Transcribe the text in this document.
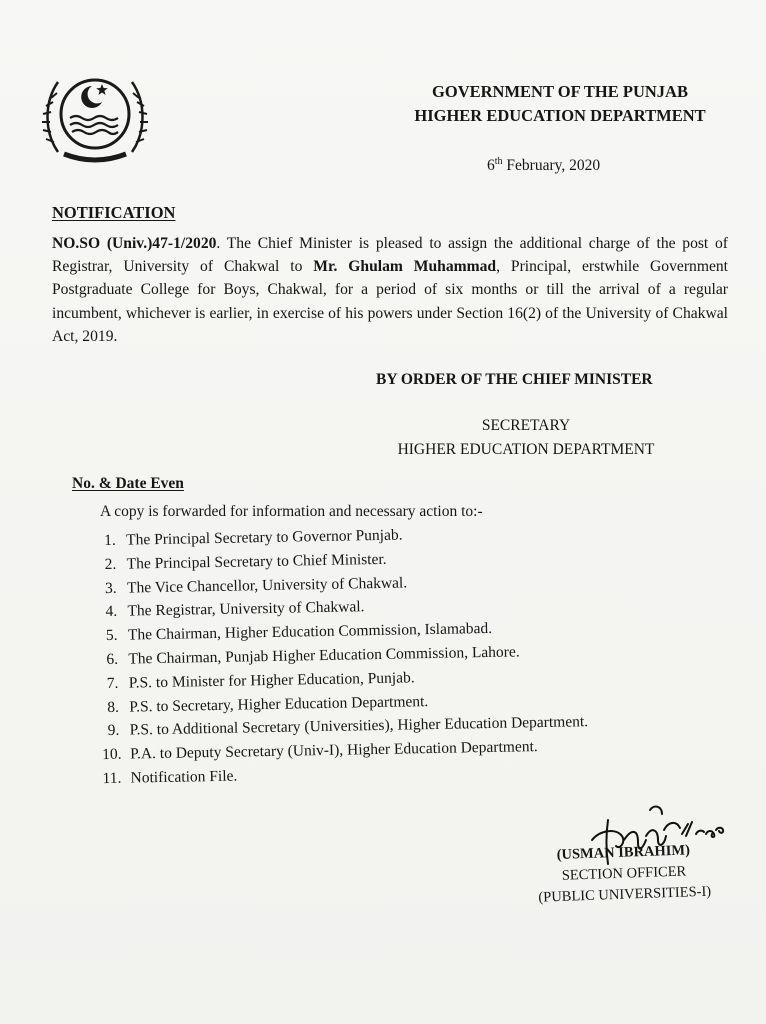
GOVERNMENT OF THE PUNJAB
HIGHER EDUCATION DEPARTMENT
6th February, 2020
NOTIFICATION
NO.SO (Univ.)47-1/2020. The Chief Minister is pleased to assign the additional charge of the post of Registrar, University of Chakwal to Mr. Ghulam Muhammad, Principal, erstwhile Government Postgraduate College for Boys, Chakwal, for a period of six months or till the arrival of a regular incumbent, whichever is earlier, in exercise of his powers under Section 16(2) of the University of Chakwal Act, 2019.
BY ORDER OF THE CHIEF MINISTER
SECRETARY
HIGHER EDUCATION DEPARTMENT
No. & Date Even
A copy is forwarded for information and necessary action to:-
1. The Principal Secretary to Governor Punjab.
2. The Principal Secretary to Chief Minister.
3. The Vice Chancellor, University of Chakwal.
4. The Registrar, University of Chakwal.
5. The Chairman, Higher Education Commission, Islamabad.
6. The Chairman, Punjab Higher Education Commission, Lahore.
7. P.S. to Minister for Higher Education, Punjab.
8. P.S. to Secretary, Higher Education Department.
9. P.S. to Additional Secretary (Universities), Higher Education Department.
10. P.A. to Deputy Secretary (Univ-I), Higher Education Department.
11. Notification File.
(USMAN IBRAHIM)
SECTION OFFICER
(PUBLIC UNIVERSITIES-I)
